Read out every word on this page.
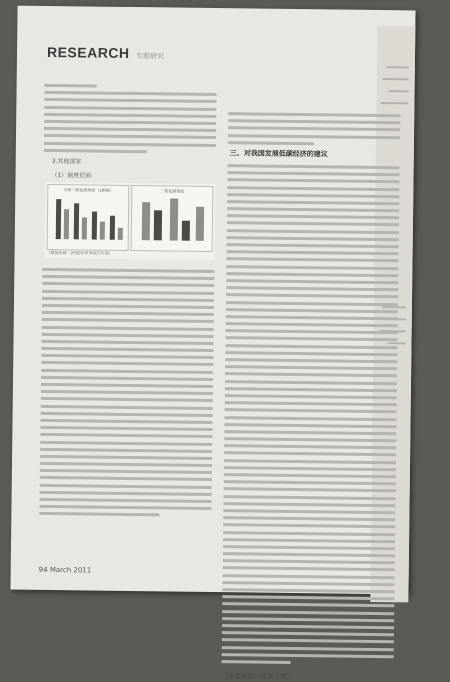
RESEARCH 专题研究
3.其他国家
（1）制度层面
全球二氧化碳排放（1990）	二氧化碳排放
（数据来源：2009年世界统计年鉴）
三、对我国发展低碳经济的建议
（作者单位：北京大学）
94 March 2011
